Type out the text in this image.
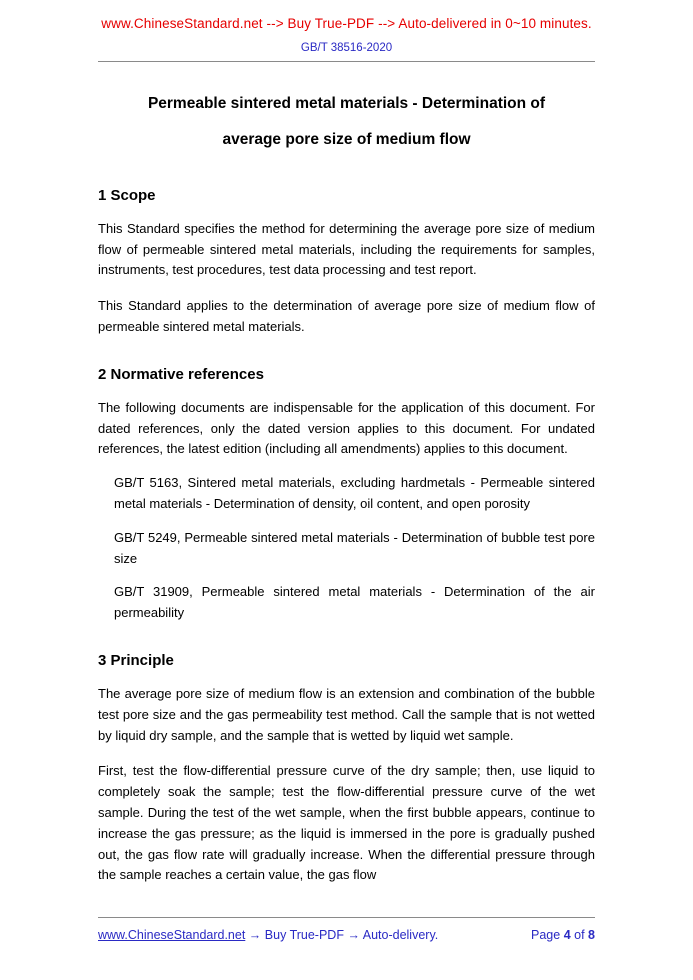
www.ChineseStandard.net --> Buy True-PDF --> Auto-delivered in 0~10 minutes.
GB/T 38516-2020
Permeable sintered metal materials - Determination of
average pore size of medium flow
1 Scope

This Standard specifies the method for determining the average pore size of medium flow of permeable sintered metal materials, including the requirements for samples, instruments, test procedures, test data processing and test report.

This Standard applies to the determination of average pore size of medium flow of permeable sintered metal materials.

2 Normative references

The following documents are indispensable for the application of this document. For dated references, only the dated version applies to this document. For undated references, the latest edition (including all amendments) applies to this document.

GB/T 5163, Sintered metal materials, excluding hardmetals - Permeable sintered metal materials - Determination of density, oil content, and open porosity

GB/T 5249, Permeable sintered metal materials - Determination of bubble test pore size

GB/T 31909, Permeable sintered metal materials - Determination of the air permeability

3 Principle

The average pore size of medium flow is an extension and combination of the bubble test pore size and the gas permeability test method. Call the sample that is not wetted by liquid dry sample, and the sample that is wetted by liquid wet sample.

First, test the flow-differential pressure curve of the dry sample; then, use liquid to completely soak the sample; test the flow-differential pressure curve of the wet sample. During the test of the wet sample, when the first bubble appears, continue to increase the gas pressure; as the liquid is immersed in the pore is gradually pushed out, the gas flow rate will gradually increase. When the differential pressure through the sample reaches a certain value, the gas flow

www.ChineseStandard.net → Buy True-PDF → Auto-delivery.	Page 4 of 8
